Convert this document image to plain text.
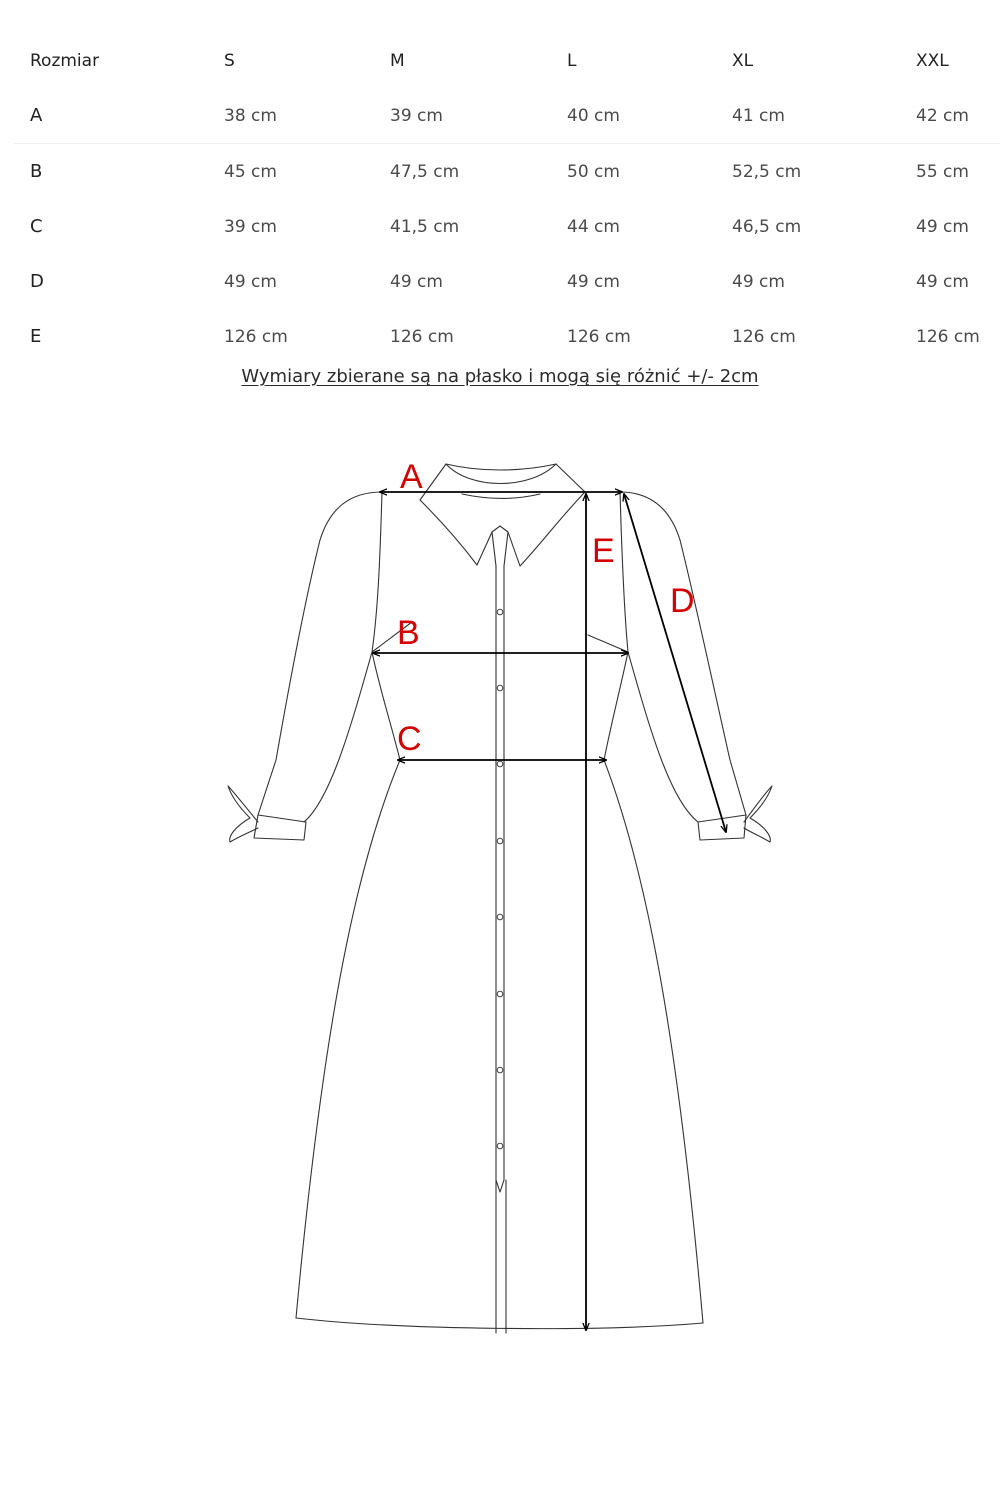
Rozmiar	S	M	L	XL	XXL
A	38 cm	39 cm	40 cm	41 cm	42 cm
B	45 cm	47,5 cm	50 cm	52,5 cm	55 cm
C	39 cm	41,5 cm	44 cm	46,5 cm	49 cm
D	49 cm	49 cm	49 cm	49 cm	49 cm
E	126 cm	126 cm	126 cm	126 cm	126 cm
Wymiary zbierane są na płasko i mogą się różnić +/- 2cm
A
E
D
B
C
